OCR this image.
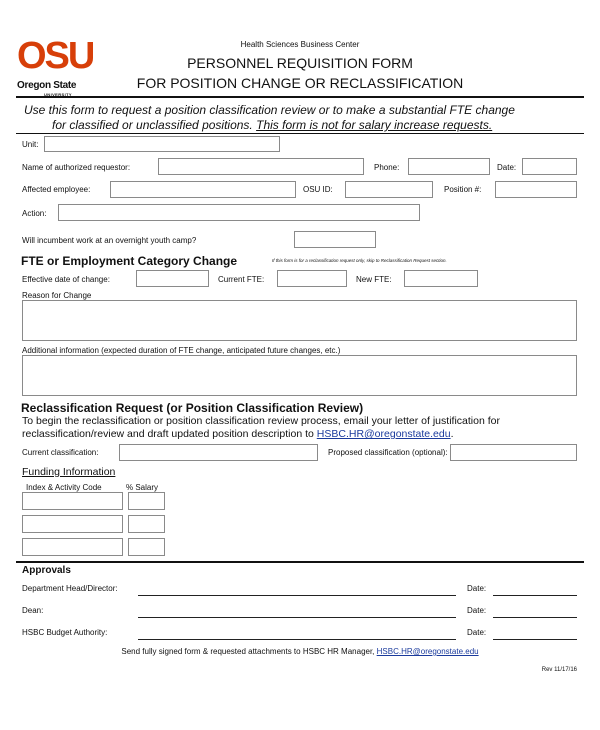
OSU
Oregon State
UNIVERSITY
Health Sciences Business Center
PERSONNEL REQUISITION FORM
FOR POSITION CHANGE OR RECLASSIFICATION
Use this form to request a position classification review or to make a substantial FTE change
for classified or unclassified positions. This form is not for salary increase requests.
Unit:
Name of authorized requestor:	Phone:	Date:
Affected employee:	OSU ID:	Position #:
Action:
Will incumbent work at an overnight youth camp?
FTE or Employment Category Change	If this form is for a reclassification request only, skip to Reclassification Request section.
Effective date of change:	Current FTE:	New FTE:
Reason for Change
Additional information (expected duration of FTE change, anticipated future changes, etc.)
Reclassification Request (or Position Classification Review)
To begin the reclassification or position classification review process, email your letter of justification for
reclassification/review and draft updated position description to HSBC.HR@oregonstate.edu.
Current classification:	Proposed classification (optional):
Funding Information
Index & Activity Code	% Salary
Approvals
Department Head/Director:	Date:
Dean:	Date:
HSBC Budget Authority:	Date:
Send fully signed form & requested attachments to HSBC HR Manager, HSBC.HR@oregonstate.edu
Rev 11/17/16
